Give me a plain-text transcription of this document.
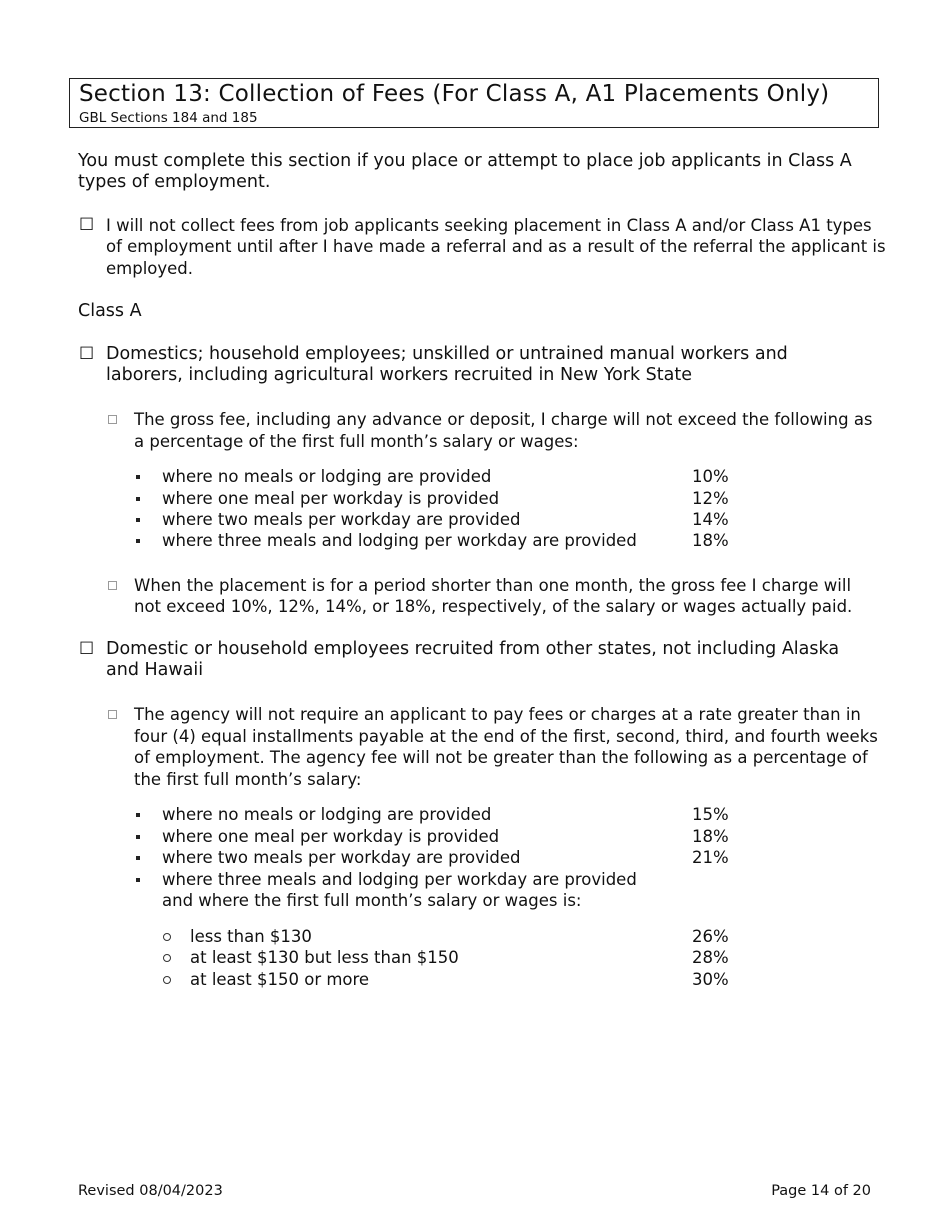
Section 13: Collection of Fees (For Class A, A1 Placements Only)
GBL Sections 184 and 185
You must complete this section if you place or attempt to place job applicants in Class A
types of employment.
☐ I will not collect fees from job applicants seeking placement in Class A and/or Class A1 types
of employment until after I have made a referral and as a result of the referral the applicant is
employed.
Class A
☐ Domestics; household employees; unskilled or untrained manual workers and
laborers, including agricultural workers recruited in New York State
The gross fee, including any advance or deposit, I charge will not exceed the following as
a percentage of the first full month’s salary or wages:
where no meals or lodging are provided	10%
where one meal per workday is provided	12%
where two meals per workday are provided	14%
where three meals and lodging per workday are provided	18%
When the placement is for a period shorter than one month, the gross fee I charge will
not exceed 10%, 12%, 14%, or 18%, respectively, of the salary or wages actually paid.
☐ Domestic or household employees recruited from other states, not including Alaska
and Hawaii
The agency will not require an applicant to pay fees or charges at a rate greater than in
four (4) equal installments payable at the end of the first, second, third, and fourth weeks
of employment. The agency fee will not be greater than the following as a percentage of
the first full month’s salary:
where no meals or lodging are provided	15%
where one meal per workday is provided	18%
where two meals per workday are provided	21%
where three meals and lodging per workday are provided
and where the first full month’s salary or wages is:
less than $130	26%
at least $130 but less than $150	28%
at least $150 or more	30%
Revised 08/04/2023	Page 14 of 20
